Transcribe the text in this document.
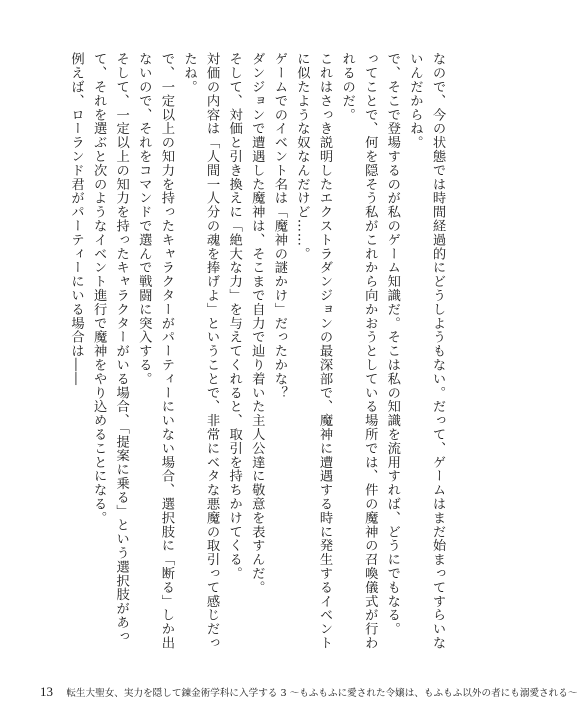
なので、今の状態では時間経過的にどうしようもない。だって、ゲームはまだ始まってすらいな
いんだからね。
で、そこで登場するのが私のゲーム知識だ。そこは私の知識を流用すれば、どうにでもなる。
ってことで、何を隠そう私がこれから向かおうとしている場所では、件の魔神の召喚儀式が行わ
れるのだ。
これはさっき説明したエクストラダンジョンの最深部で、魔神に遭遇する時に発生するイベント
に似たような奴なんだけど……。
ゲームでのイベント名は「魔神の謎かけ」だったかな？
ダンジョンで遭遇した魔神は、そこまで自力で辿り着いた主人公達に敬意を表すんだ。
そして、対価と引き換えに「絶大な力」を与えてくれると、取引を持ちかけてくる。
対価の内容は「人間一人分の魂を捧げよ」ということで、非常にベタな悪魔の取引って感じだっ
たね。
で、一定以上の知力を持ったキャラクターがパーティーにいない場合、選択肢に「断る」しか出
ないので、それをコマンドで選んで戦闘に突入する。
そして、一定以上の知力を持ったキャラクターがいる場合、「提案に乗る」という選択肢があっ
て、それを選ぶと次のようなイベント進行で魔神をやり込めることになる。
例えば、ローランド君がパーティーにいる場合は――
13 転生大聖女、実力を隠して錬金術学科に入学する 3 ～もふもふに愛された令嬢は、もふもふ以外の者にも溺愛される～
